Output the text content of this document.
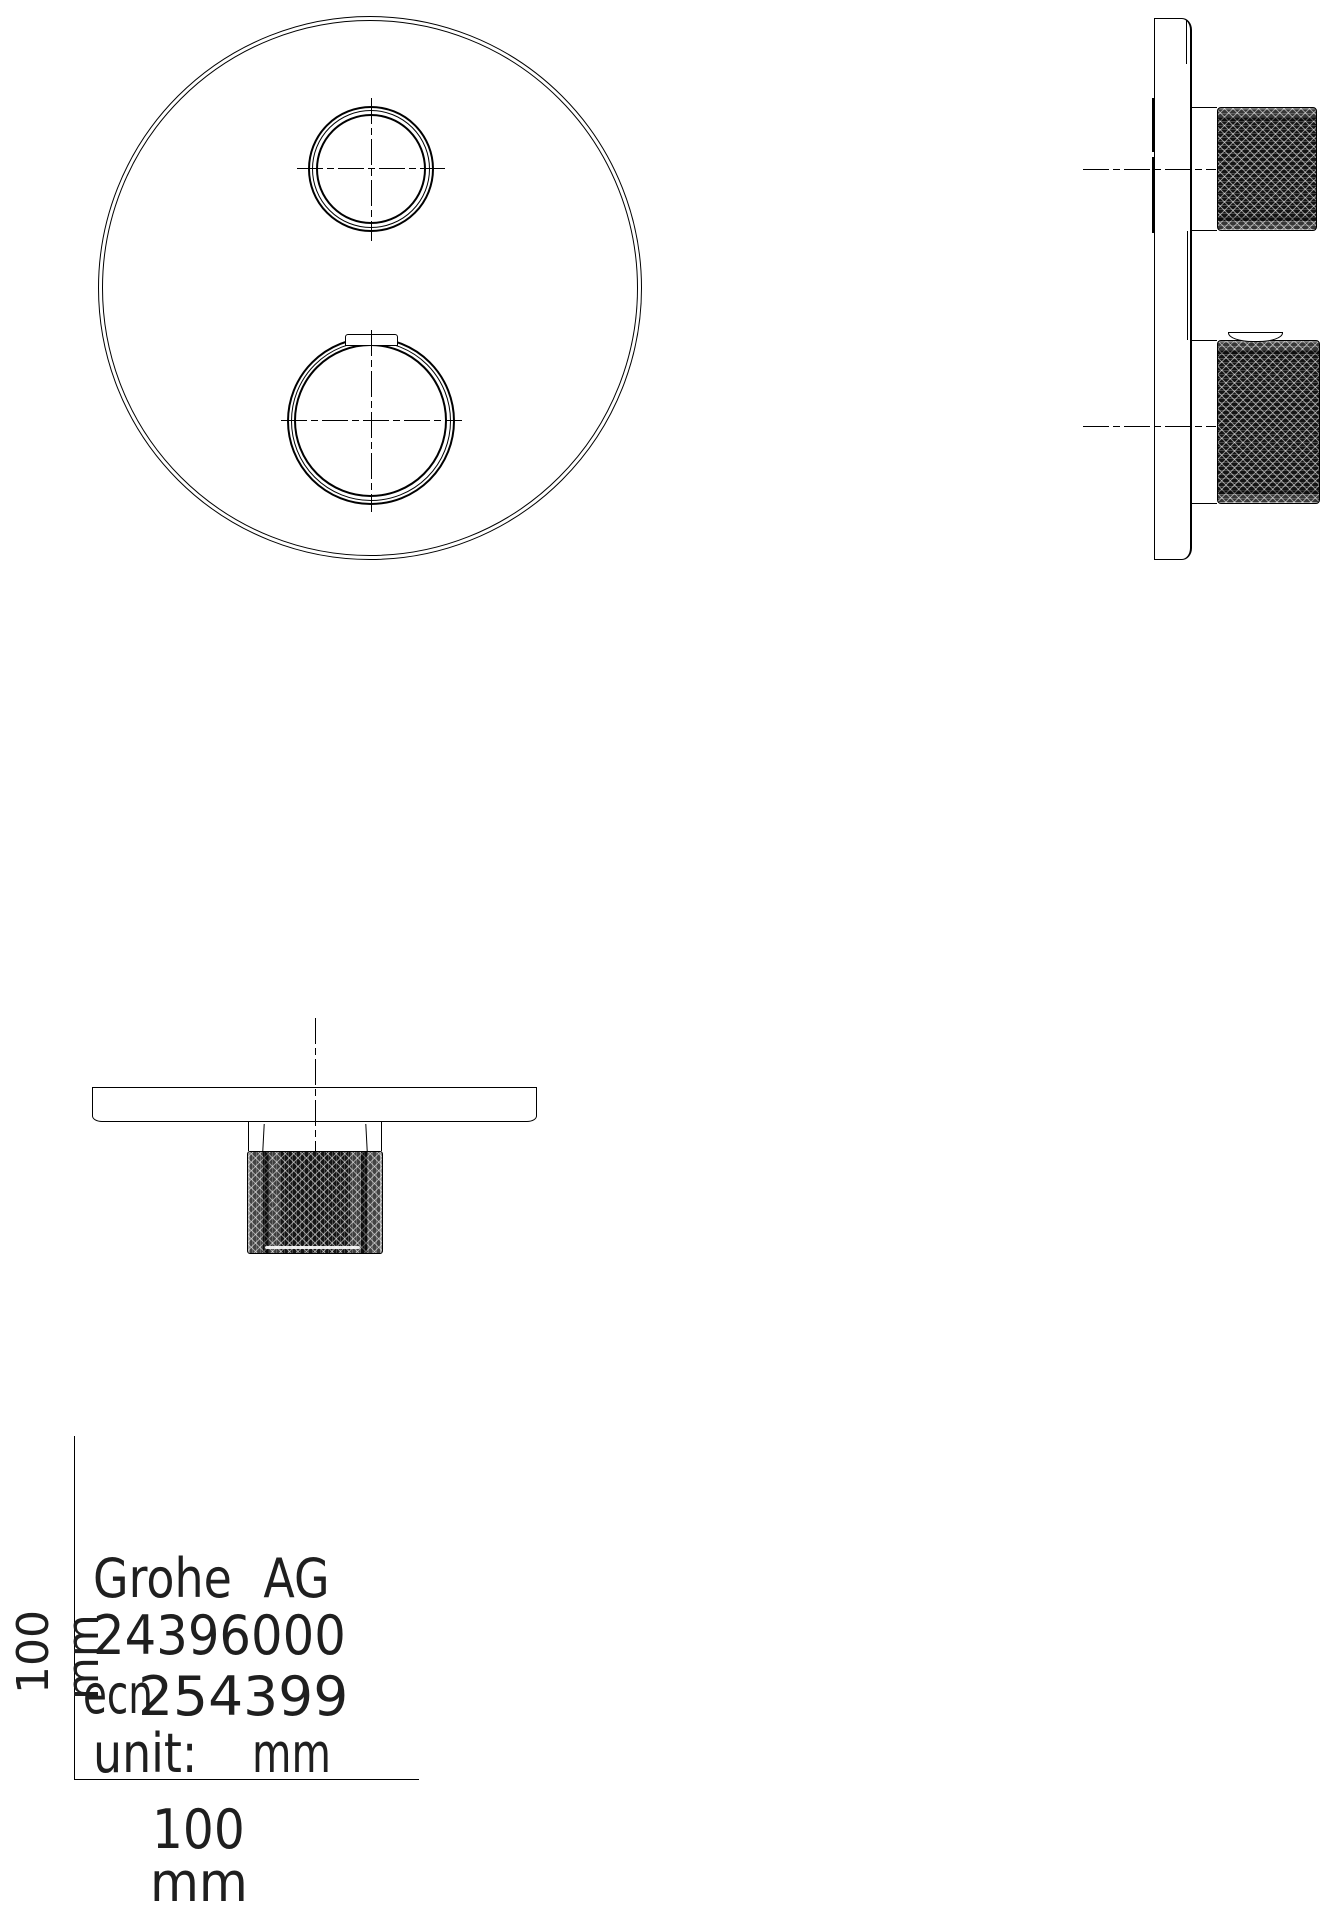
100 mm
Grohe AG
24396000
ecn
254399
unit: mm
100
mm
